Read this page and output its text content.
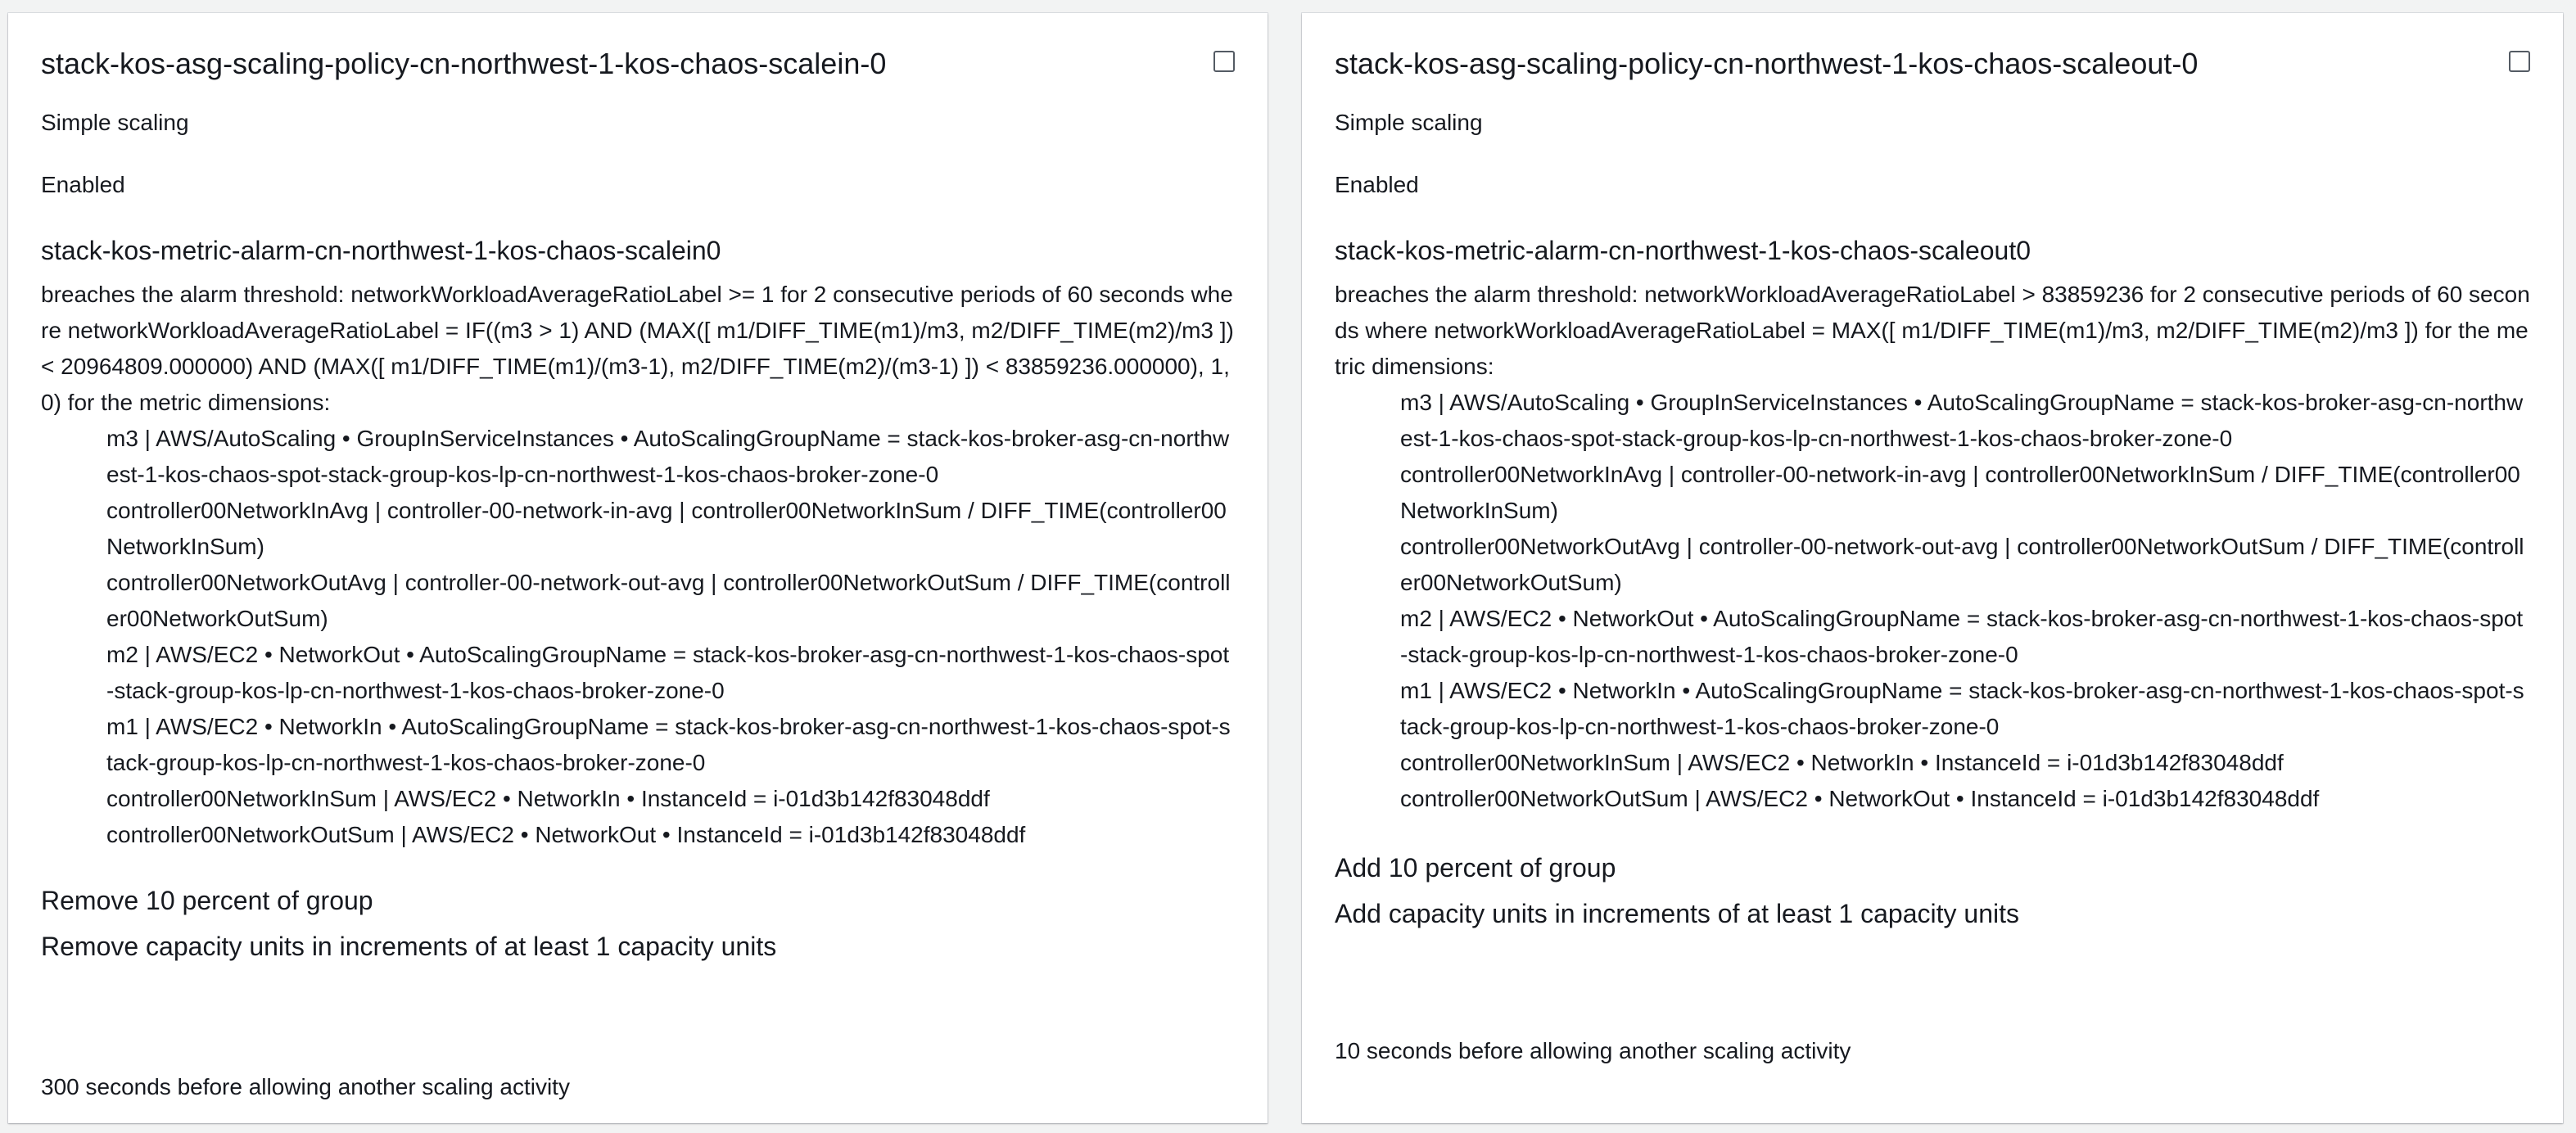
stack-kos-asg-scaling-policy-cn-northwest-1-kos-chaos-scalein-0
Simple scaling
Enabled
stack-kos-metric-alarm-cn-northwest-1-kos-chaos-scalein0
breaches the alarm threshold: networkWorkloadAverageRatioLabel >= 1 for 2 consecutive periods of 60 seconds where networkWorkloadAverageRatioLabel = IF((m3 > 1) AND (MAX([ m1/DIFF_TIME(m1)/m3, m2/DIFF_TIME(m2)/m3 ]) < 20964809.000000) AND (MAX([ m1/DIFF_TIME(m1)/(m3-1), m2/DIFF_TIME(m2)/(m3-1) ]) < 83859236.000000), 1, 0) for the metric dimensions:

m3 | AWS/AutoScaling • GroupInServiceInstances • AutoScalingGroupName = stack-kos-broker-asg-cn-northwest-1-kos-chaos-spot-stack-group-kos-lp-cn-northwest-1-kos-chaos-broker-zone-0

controller00NetworkInAvg | controller-00-network-in-avg | controller00NetworkInSum / DIFF_TIME(controller00NetworkInSum)

controller00NetworkOutAvg | controller-00-network-out-avg | controller00NetworkOutSum / DIFF_TIME(controller00NetworkOutSum)

m2 | AWS/EC2 • NetworkOut • AutoScalingGroupName = stack-kos-broker-asg-cn-northwest-1-kos-chaos-spot-stack-group-kos-lp-cn-northwest-1-kos-chaos-broker-zone-0

m1 | AWS/EC2 • NetworkIn • AutoScalingGroupName = stack-kos-broker-asg-cn-northwest-1-kos-chaos-spot-stack-group-kos-lp-cn-northwest-1-kos-chaos-broker-zone-0

controller00NetworkInSum | AWS/EC2 • NetworkIn • InstanceId = i-01d3b142f83048ddf

controller00NetworkOutSum | AWS/EC2 • NetworkOut • InstanceId = i-01d3b142f83048ddf

Remove 10 percent of group
Remove capacity units in increments of at least 1 capacity units
300 seconds before allowing another scaling activity
stack-kos-asg-scaling-policy-cn-northwest-1-kos-chaos-scaleout-0
Simple scaling
Enabled
stack-kos-metric-alarm-cn-northwest-1-kos-chaos-scaleout0
breaches the alarm threshold: networkWorkloadAverageRatioLabel > 83859236 for 2 consecutive periods of 60 seconds where networkWorkloadAverageRatioLabel = MAX([ m1/DIFF_TIME(m1)/m3, m2/DIFF_TIME(m2)/m3 ]) for the metric dimensions:

m3 | AWS/AutoScaling • GroupInServiceInstances • AutoScalingGroupName = stack-kos-broker-asg-cn-northwest-1-kos-chaos-spot-stack-group-kos-lp-cn-northwest-1-kos-chaos-broker-zone-0

controller00NetworkInAvg | controller-00-network-in-avg | controller00NetworkInSum / DIFF_TIME(controller00NetworkInSum)

controller00NetworkOutAvg | controller-00-network-out-avg | controller00NetworkOutSum / DIFF_TIME(controller00NetworkOutSum)

m2 | AWS/EC2 • NetworkOut • AutoScalingGroupName = stack-kos-broker-asg-cn-northwest-1-kos-chaos-spot-stack-group-kos-lp-cn-northwest-1-kos-chaos-broker-zone-0

m1 | AWS/EC2 • NetworkIn • AutoScalingGroupName = stack-kos-broker-asg-cn-northwest-1-kos-chaos-spot-stack-group-kos-lp-cn-northwest-1-kos-chaos-broker-zone-0

controller00NetworkInSum | AWS/EC2 • NetworkIn • InstanceId = i-01d3b142f83048ddf

controller00NetworkOutSum | AWS/EC2 • NetworkOut • InstanceId = i-01d3b142f83048ddf

Add 10 percent of group
Add capacity units in increments of at least 1 capacity units
10 seconds before allowing another scaling activity
